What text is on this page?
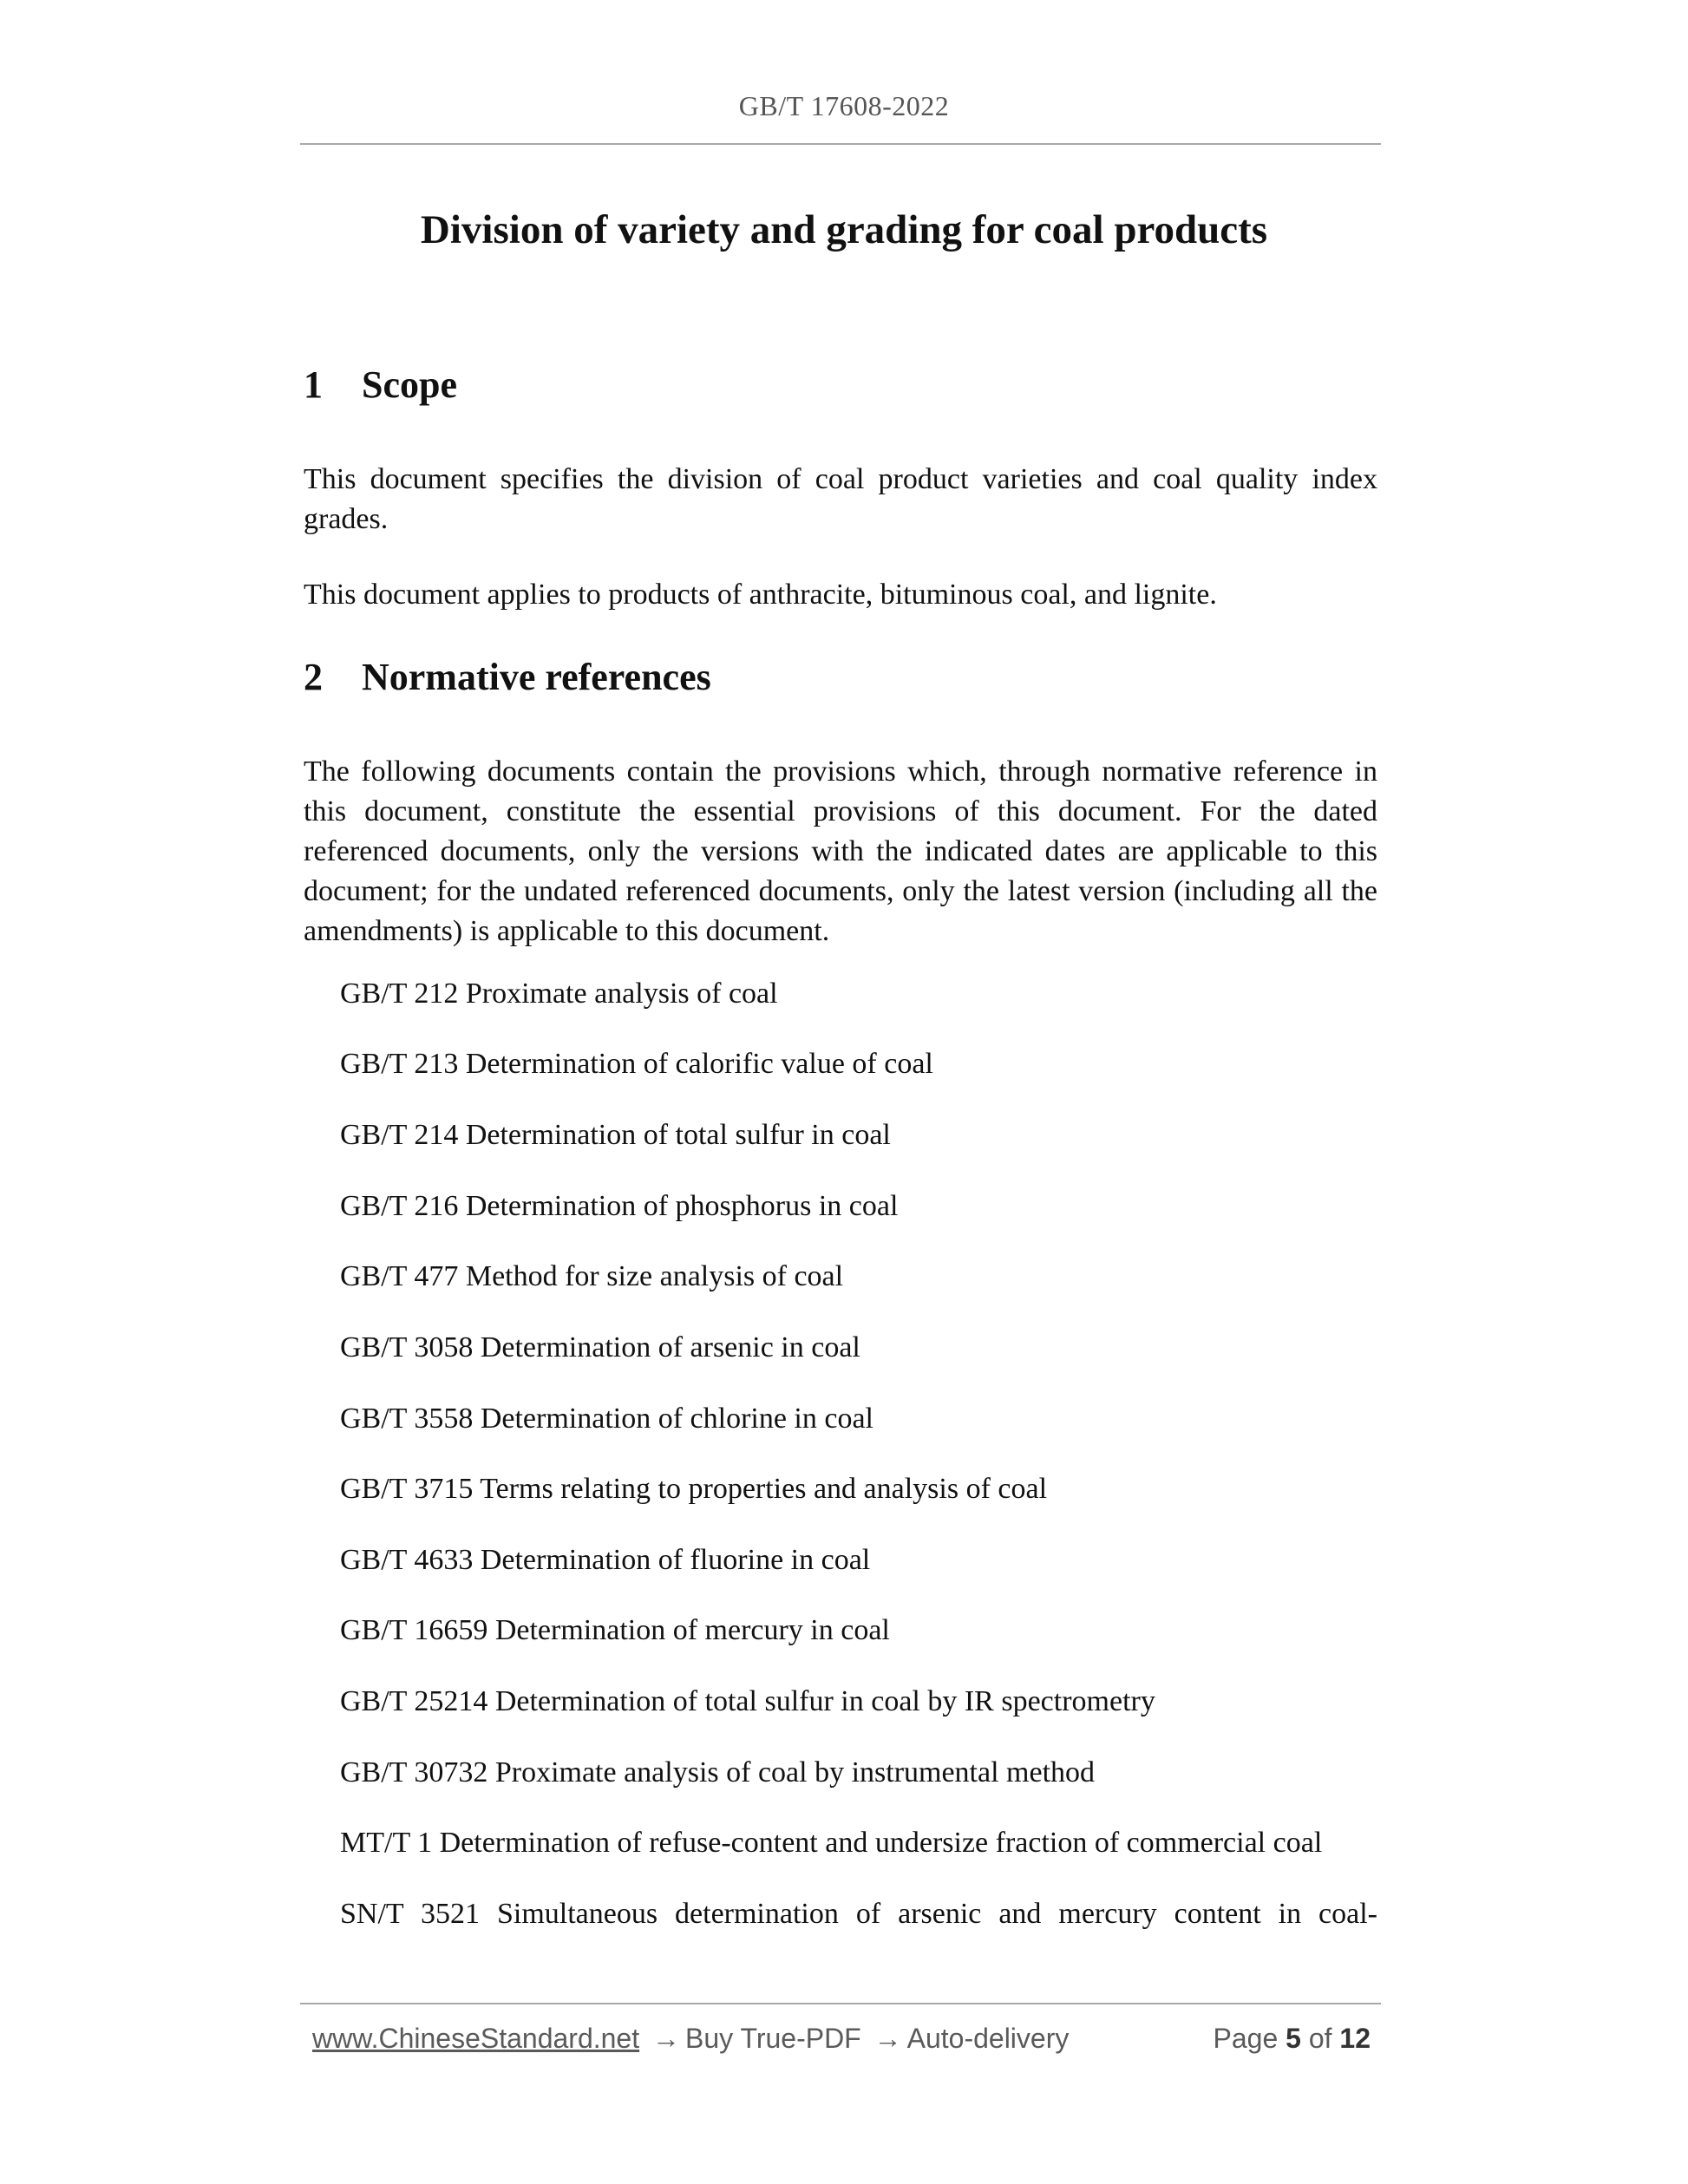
GB/T 17608-2022
Division of variety and grading for coal products
1 Scope

This document specifies the division of coal product varieties and coal quality index grades.

This document applies to products of anthracite, bituminous coal, and lignite.

2 Normative references

The following documents contain the provisions which, through normative reference in this document, constitute the essential provisions of this document. For the dated referenced documents, only the versions with the indicated dates are applicable to this document; for the undated referenced documents, only the latest version (including all the amendments) is applicable to this document.

GB/T 212 Proximate analysis of coal
GB/T 213 Determination of calorific value of coal
GB/T 214 Determination of total sulfur in coal
GB/T 216 Determination of phosphorus in coal
GB/T 477 Method for size analysis of coal
GB/T 3058 Determination of arsenic in coal
GB/T 3558 Determination of chlorine in coal
GB/T 3715 Terms relating to properties and analysis of coal
GB/T 4633 Determination of fluorine in coal
GB/T 16659 Determination of mercury in coal
GB/T 25214 Determination of total sulfur in coal by IR spectrometry
GB/T 30732 Proximate analysis of coal by instrumental method
MT/T 1 Determination of refuse-content and undersize fraction of commercial coal
SN/T 3521 Simultaneous determination of arsenic and mercury content in coal-
www.ChineseStandard.net → Buy True-PDF → Auto-delivery	Page 5 of 12
